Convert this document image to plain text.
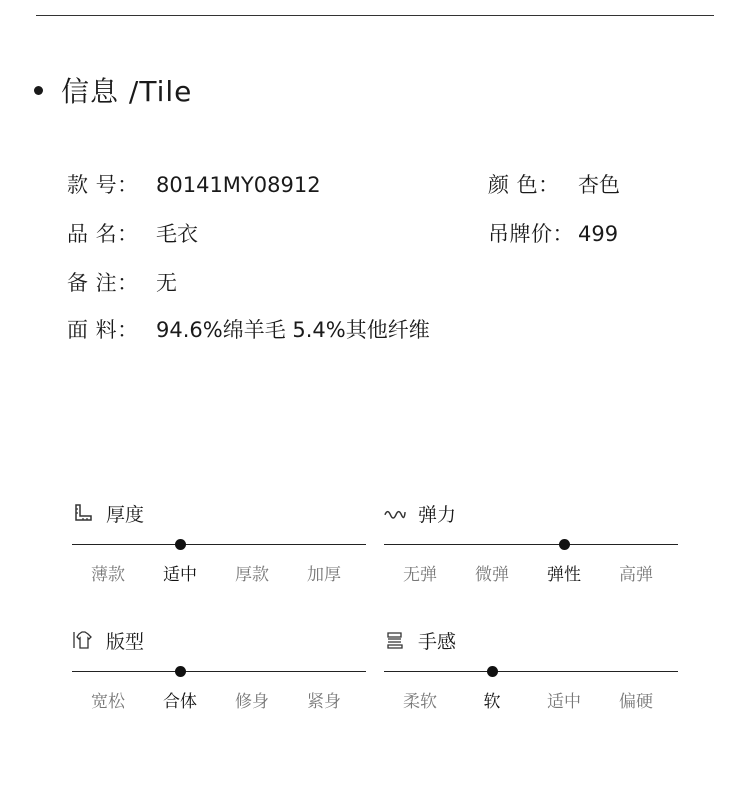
信息 /Tile
款 号： 80141MY08912	颜 色： 杏色
品 名： 毛衣	吊牌价： 499
备 注： 无
面 料： 94.6%绵羊毛 5.4%其他纤维
厚度
薄款	适中	厚款	加厚
弹力
无弹	微弹	弹性	高弹
版型
宽松	合体	修身	紧身
手感
柔软	软	适中	偏硬
